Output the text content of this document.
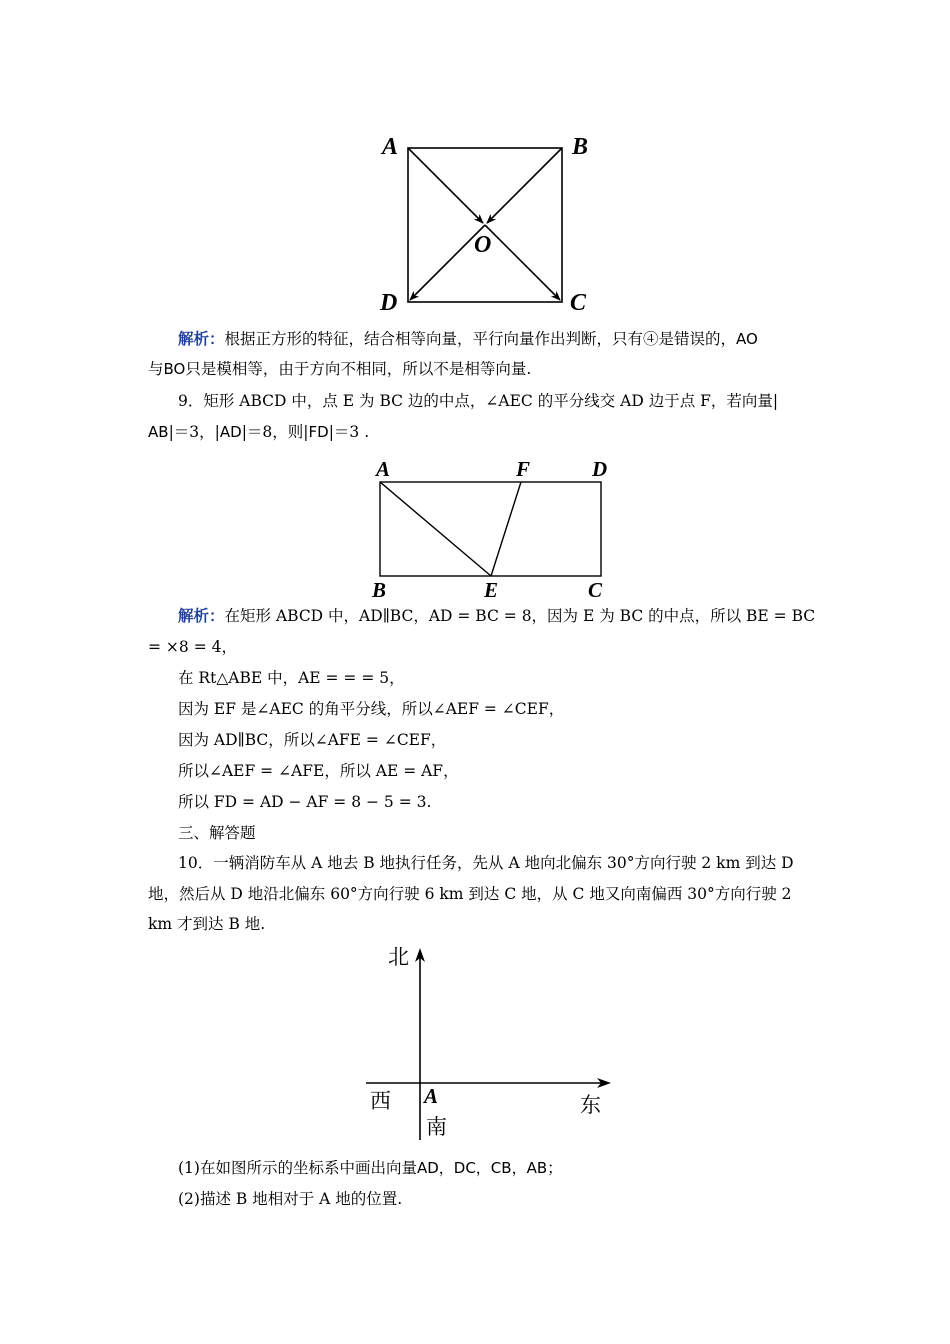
A	B
O
D	C
解析：根据正方形的特征，结合相等向量，平行向量作出判断，只有④是错误的，AO
与BO只是模相等，由于方向不相同，所以不是相等向量.
9．矩形 ABCD 中，点 E 为 BC 边的中点，∠AEC 的平分线交 AD 边于点 F，若向量|
AB|＝3，|AD|＝8，则|FD|＝3 .
A	F	D
B	E	C
解析：在矩形 ABCD 中，AD∥BC，AD = BC = 8，因为 E 为 BC 的中点，所以 BE = BC
= ×8 = 4，
在 Rt△ABE 中，AE = = = 5，
因为 EF 是∠AEC 的角平分线，所以∠AEF = ∠CEF，
因为 AD∥BC，所以∠AFE = ∠CEF，
所以∠AEF = ∠AFE，所以 AE = AF，
所以 FD = AD − AF = 8 − 5 = 3.
三、解答题
10．一辆消防车从 A 地去 B 地执行任务，先从 A 地向北偏东 30°方向行驶 2 km 到达 D
地，然后从 D 地沿北偏东 60°方向行驶 6 km 到达 C 地，从 C 地又向南偏西 30°方向行驶 2
km 才到达 B 地.
北
西 A
南
东
(1)在如图所示的坐标系中画出向量AD，DC，CB，AB；
(2)描述 B 地相对于 A 地的位置.
